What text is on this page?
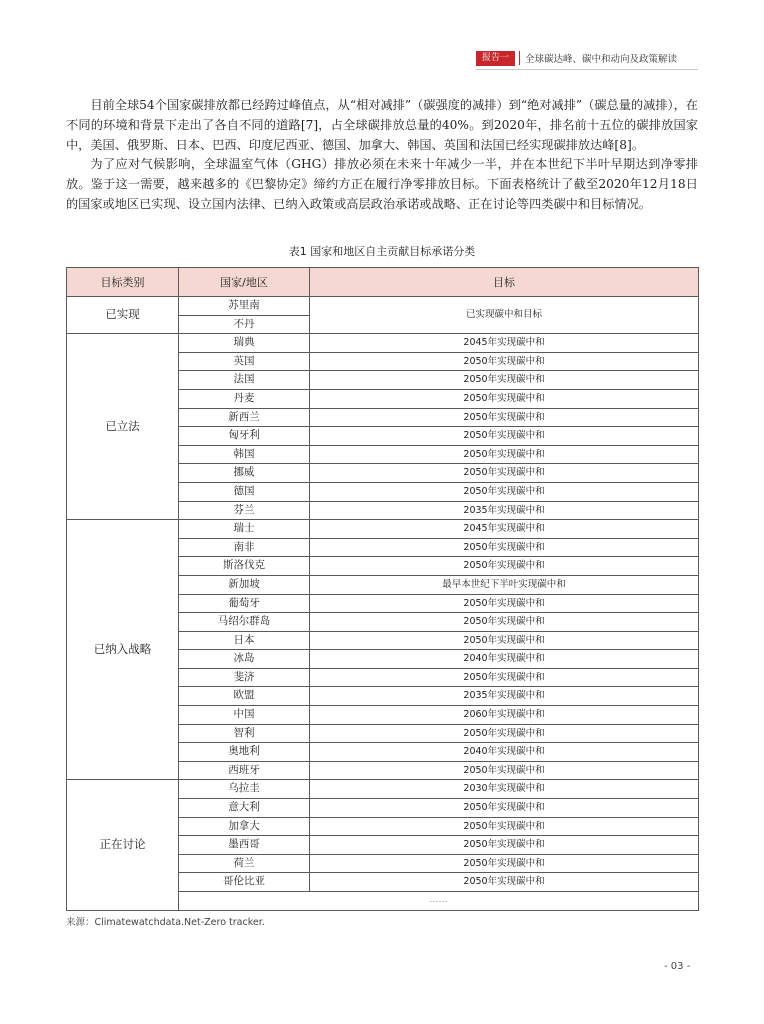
报告一	全球碳达峰、碳中和动向及政策解读

目前全球54个国家碳排放都已经跨过峰值点，从“相对减排”（碳强度的减排）到“绝对减排”（碳总量的减排），在不同的环境和背景下走出了各自不同的道路[7]，占全球碳排放总量的40%。到2020年，排名前十五位的碳排放国家中，美国、俄罗斯、日本、巴西、印度尼西亚、德国、加拿大、韩国、英国和法国已经实现碳排放达峰[8]。

为了应对气候影响，全球温室气体（GHG）排放必须在未来十年减少一半，并在本世纪下半叶早期达到净零排放。鉴于这一需要，越来越多的《巴黎协定》缔约方正在履行净零排放目标。下面表格统计了截至2020年12月18日的国家或地区已实现、设立国内法律、已纳入政策或高层政治承诺或战略、正在讨论等四类碳中和目标情况。

表1 国家和地区自主贡献目标承诺分类
目标类别	国家/地区	目标
已实现	苏里南	已实现碳中和目标
	不丹	
已立法	瑞典	2045年实现碳中和
	英国	2050年实现碳中和
	法国	2050年实现碳中和
	丹麦	2050年实现碳中和
	新西兰	2050年实现碳中和
	匈牙利	2050年实现碳中和
	韩国	2050年实现碳中和
	挪威	2050年实现碳中和
	德国	2050年实现碳中和
	芬兰	2035年实现碳中和
已纳入战略	瑞士	2045年实现碳中和
	南非	2050年实现碳中和
	斯洛伐克	2050年实现碳中和
	新加坡	最早本世纪下半叶实现碳中和
	葡萄牙	2050年实现碳中和
	马绍尔群岛	2050年实现碳中和
	日本	2050年实现碳中和
	冰岛	2040年实现碳中和
	斐济	2050年实现碳中和
	欧盟	2035年实现碳中和
	中国	2060年实现碳中和
	智利	2050年实现碳中和
	奥地利	2040年实现碳中和
	西班牙	2050年实现碳中和
正在讨论	乌拉圭	2030年实现碳中和
	意大利	2050年实现碳中和
	加拿大	2050年实现碳中和
	墨西哥	2050年实现碳中和
	荷兰	2050年实现碳中和
	哥伦比亚	2050年实现碳中和
	……	
来源：Climatewatchdata.Net-Zero tracker.
- 03 -
